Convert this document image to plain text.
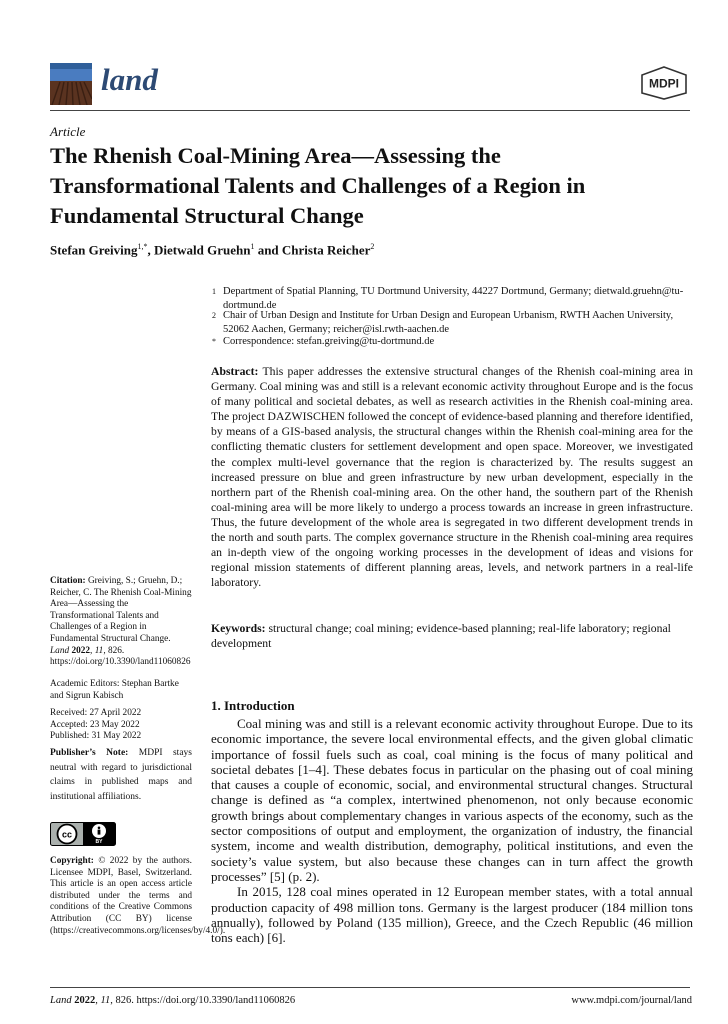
land	MDPI
Article
The Rhenish Coal-Mining Area—Assessing the Transformational Talents and Challenges of a Region in Fundamental Structural Change
Stefan Greiving$^{1,*}$, Dietwald Gruehn$^1$ and Christa Reicher$^2$
1 Department of Spatial Planning, TU Dortmund University, 44227 Dortmund, Germany; dietwald.gruehn@tu-dortmund.de
2 Chair of Urban Design and Institute for Urban Design and European Urbanism, RWTH Aachen University, 52062 Aachen, Germany; reicher@isl.rwth-aachen.de
* Correspondence: stefan.greiving@tu-dortmund.de
Abstract: This paper addresses the extensive structural changes of the Rhenish coal-mining area in Germany. Coal mining was and still is a relevant economic activity throughout Europe and is the focus of many political and societal debates, as well as research activities in the Rhenish coal-mining area. The project DAZWISCHEN followed the concept of evidence-based planning and therefore identified, by means of a GIS-based analysis, the structural changes within the Rhenish coal-mining area for the conflicting thematic clusters for settlement development and open space. Moreover, we investigated the complex multi-level governance that the region is characterized by. The results suggest an increased pressure on blue and green infrastructure by new urban development, especially in the northern part of the Rhenish coal-mining area. On the other hand, the southern part of the Rhenish coal-mining area will be more likely to undergo a process towards an increase in green infrastructure. Thus, the future development of the whole area is segregated in two different development trends in the north and south parts. The complex governance structure in the Rhenish coal-mining area requires an in-depth view of the ongoing working processes in the development of ideas and visions for regional mission statements of different planning areas, levels, and network partners in a real-life laboratory.
Keywords: structural change; coal mining; evidence-based planning; real-life laboratory; regional development
1. Introduction

Coal mining was and still is a relevant economic activity throughout Europe. Due to its economic importance, the severe local environmental effects, and the given global climatic importance of fossil fuels such as coal, coal mining is the focus of many political and societal debates [1–4]. These debates focus in particular on the phasing out of coal mining that causes a couple of economic, social, and environmental structural changes. Structural change is defined as “a complex, intertwined phenomenon, not only because economic growth brings about complementary changes in various aspects of the economy, such as the sector compositions of output and employment, the organization of industry, the financial system, income and wealth distribution, demography, political institutions, and even the society’s value system, but also because these changes can in turn affect the growth processes” [5] (p. 2).

In 2015, 128 coal mines operated in 12 European member states, with a total annual production capacity of 498 million tons. Germany is the largest producer (184 million tons annually), followed by Poland (135 million), Greece, and the Czech Republic (46 million tons each) [6].

Citation: Greiving, S.; Gruehn, D.; Reicher, C. The Rhenish Coal-Mining Area—Assessing the Transformational Talents and Challenges of a Region in Fundamental Structural Change. Land 2022, 11, 826. https://doi.org/10.3390/land11060826

Academic Editors: Stephan Bartke and Sigrun Kabisch

Received: 27 April 2022

Accepted: 23 May 2022

Published: 31 May 2022

Publisher’s Note: MDPI stays neutral with regard to jurisdictional claims in published maps and institutional affiliations.

cc
BY

Copyright: © 2022 by the authors. Licensee MDPI, Basel, Switzerland. This article is an open access article distributed under the terms and conditions of the Creative Commons Attribution (CC BY) license (https://creativecommons.org/licenses/by/4.0/).

Land 2022, 11, 826. https://doi.org/10.3390/land11060826	www.mdpi.com/journal/land
